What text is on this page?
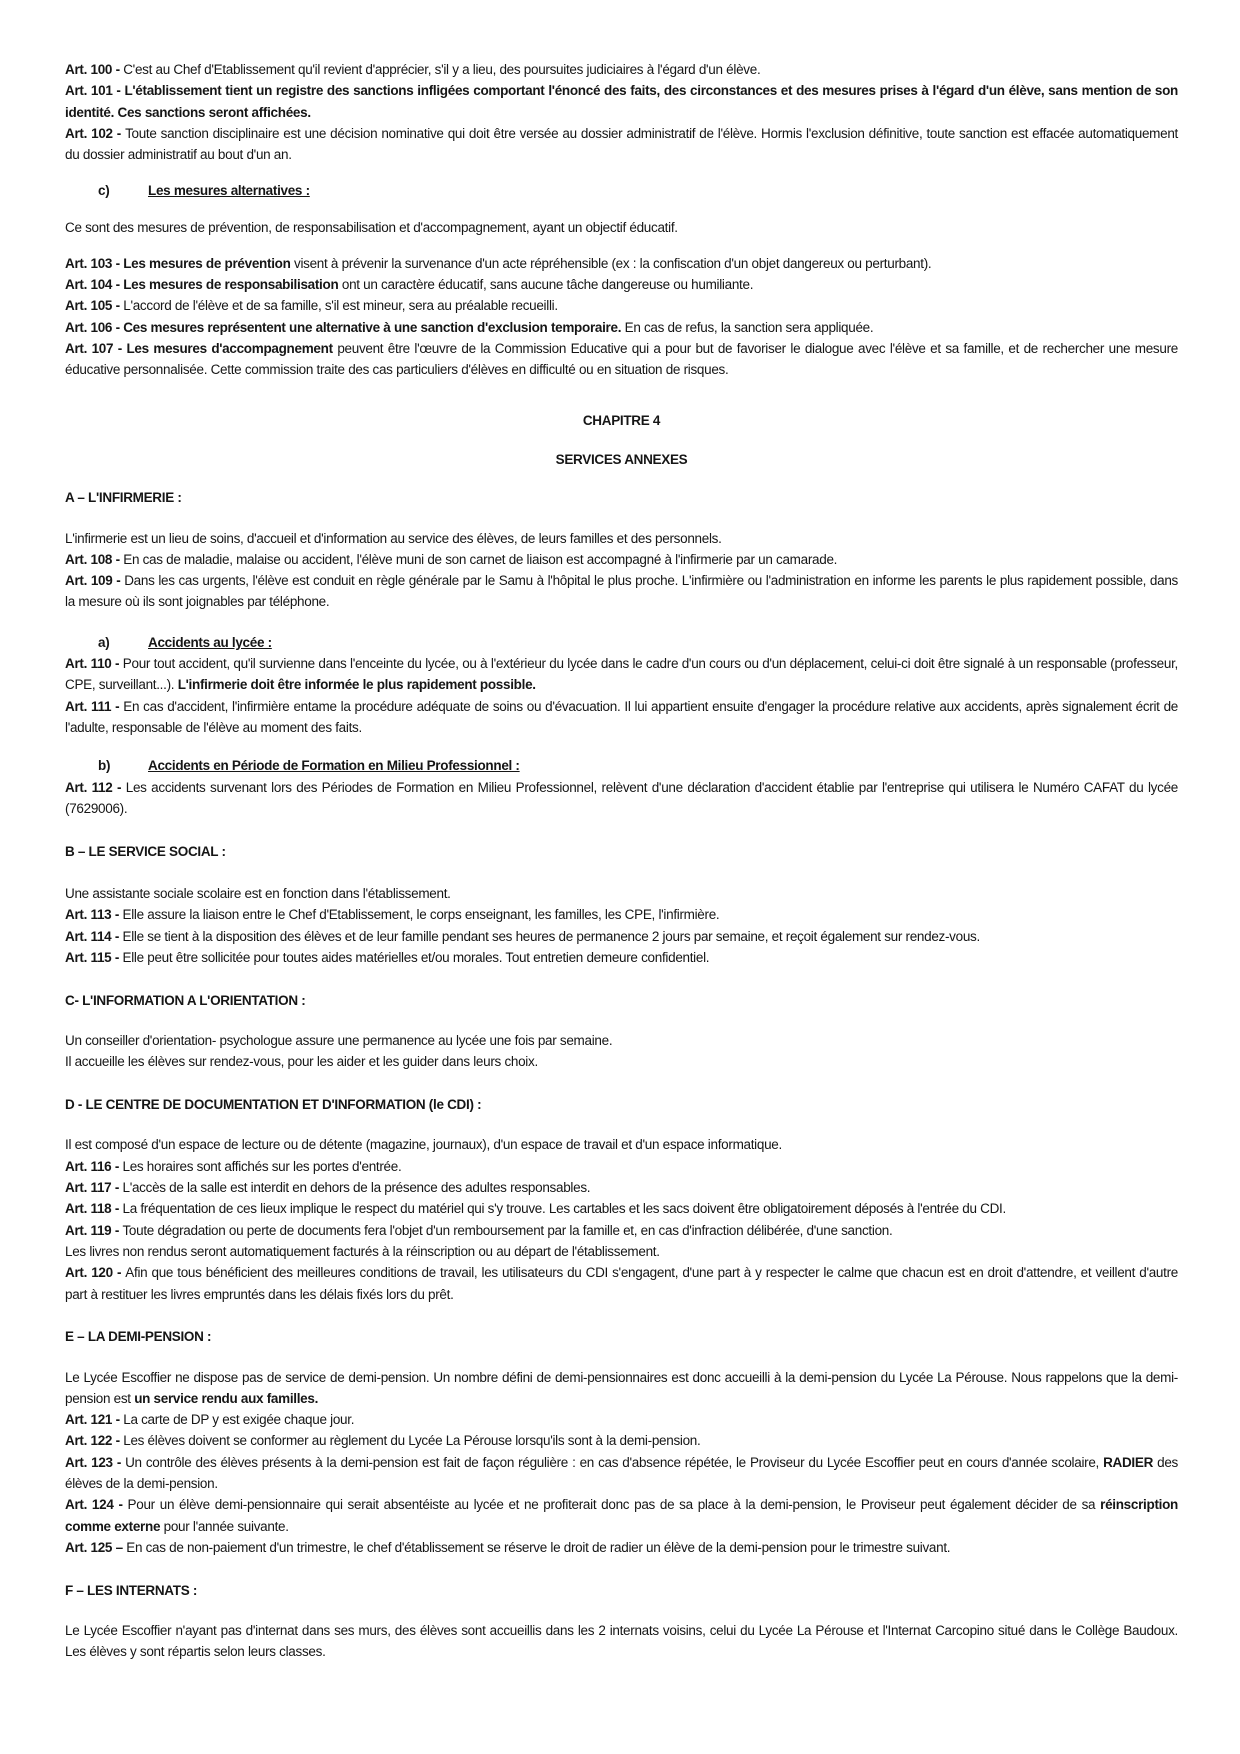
Art. 100 - C'est au Chef d'Etablissement qu'il revient d'apprécier, s'il y a lieu, des poursuites judiciaires à l'égard d'un élève.
Art. 101 - L'établissement tient un registre des sanctions infligées comportant l'énoncé des faits, des circonstances et des mesures prises à l'égard d'un élève, sans mention de son identité. Ces sanctions seront affichées.
Art. 102 - Toute sanction disciplinaire est une décision nominative qui doit être versée au dossier administratif de l'élève. Hormis l'exclusion définitive, toute sanction est effacée automatiquement du dossier administratif au bout d'un an.
c)	Les mesures alternatives :
Ce sont des mesures de prévention, de responsabilisation et d'accompagnement, ayant un objectif éducatif.
Art. 103 - Les mesures de prévention visent à prévenir la survenance d'un acte répréhensible (ex : la confiscation d'un objet dangereux ou perturbant).
Art. 104 - Les mesures de responsabilisation ont un caractère éducatif, sans aucune tâche dangereuse ou humiliante.
Art. 105 - L'accord de l'élève et de sa famille, s'il est mineur, sera au préalable recueilli.
Art. 106 - Ces mesures représentent une alternative à une sanction d'exclusion temporaire. En cas de refus, la sanction sera appliquée.
Art. 107 - Les mesures d'accompagnement peuvent être l'œuvre de la Commission Educative qui a pour but de favoriser le dialogue avec l'élève et sa famille, et de rechercher une mesure éducative personnalisée. Cette commission traite des cas particuliers d'élèves en difficulté ou en situation de risques.
CHAPITRE 4
SERVICES ANNEXES
A – L'INFIRMERIE :
L'infirmerie est un lieu de soins, d'accueil et d'information au service des élèves, de leurs familles et des personnels.
Art. 108 - En cas de maladie, malaise ou accident, l'élève muni de son carnet de liaison est accompagné à l'infirmerie par un camarade.
Art. 109 - Dans les cas urgents, l'élève est conduit en règle générale par le Samu à l'hôpital le plus proche. L'infirmière ou l'administration en informe les parents le plus rapidement possible, dans la mesure où ils sont joignables par téléphone.
a)	Accidents au lycée :
Art. 110 - Pour tout accident, qu'il survienne dans l'enceinte du lycée, ou à l'extérieur du lycée dans le cadre d'un cours ou d'un déplacement, celui-ci doit être signalé à un responsable (professeur, CPE, surveillant...). L'infirmerie doit être informée le plus rapidement possible.
Art. 111 - En cas d'accident, l'infirmière entame la procédure adéquate de soins ou d'évacuation. Il lui appartient ensuite d'engager la procédure relative aux accidents, après signalement écrit de l'adulte, responsable de l'élève au moment des faits.
b)	Accidents en Période de Formation en Milieu Professionnel :
Art. 112 - Les accidents survenant lors des Périodes de Formation en Milieu Professionnel, relèvent d'une déclaration d'accident établie par l'entreprise qui utilisera le Numéro CAFAT du lycée (7629006).
B – LE SERVICE SOCIAL :
Une assistante sociale scolaire est en fonction dans l'établissement.
Art. 113 - Elle assure la liaison entre le Chef d'Etablissement, le corps enseignant, les familles, les CPE, l'infirmière.
Art. 114 - Elle se tient à la disposition des élèves et de leur famille pendant ses heures de permanence 2 jours par semaine, et reçoit également sur rendez-vous.
Art. 115 - Elle peut être sollicitée pour toutes aides matérielles et/ou morales. Tout entretien demeure confidentiel.
C- L'INFORMATION A L'ORIENTATION :
Un conseiller d'orientation- psychologue assure une permanence au lycée une fois par semaine.
Il accueille les élèves sur rendez-vous, pour les aider et les guider dans leurs choix.
D - LE CENTRE DE DOCUMENTATION ET D'INFORMATION (le CDI) :
Il est composé d'un espace de lecture ou de détente (magazine, journaux), d'un espace de travail et d'un espace informatique.
Art. 116 - Les horaires sont affichés sur les portes d'entrée.
Art. 117 - L'accès de la salle est interdit en dehors de la présence des adultes responsables.
Art. 118 - La fréquentation de ces lieux implique le respect du matériel qui s'y trouve. Les cartables et les sacs doivent être obligatoirement déposés à l'entrée du CDI.
Art. 119 - Toute dégradation ou perte de documents fera l'objet d'un remboursement par la famille et, en cas d'infraction délibérée, d'une sanction.
Les livres non rendus seront automatiquement facturés à la réinscription ou au départ de l'établissement.
Art. 120 - Afin que tous bénéficient des meilleures conditions de travail, les utilisateurs du CDI s'engagent, d'une part à y respecter le calme que chacun est en droit d'attendre, et veillent d'autre part à restituer les livres empruntés dans les délais fixés lors du prêt.
E – LA DEMI-PENSION :
Le Lycée Escoffier ne dispose pas de service de demi-pension. Un nombre défini de demi-pensionnaires est donc accueilli à la demi-pension du Lycée La Pérouse. Nous rappelons que la demi-pension est un service rendu aux familles.
Art. 121 - La carte de DP y est exigée chaque jour.
Art. 122 - Les élèves doivent se conformer au règlement du Lycée La Pérouse lorsqu'ils sont à la demi-pension.
Art. 123 - Un contrôle des élèves présents à la demi-pension est fait de façon régulière : en cas d'absence répétée, le Proviseur du Lycée Escoffier peut en cours d'année scolaire, RADIER des élèves de la demi-pension.
Art. 124 - Pour un élève demi-pensionnaire qui serait absentéiste au lycée et ne profiterait donc pas de sa place à la demi-pension, le Proviseur peut également décider de sa réinscription comme externe pour l'année suivante.
Art. 125 – En cas de non-paiement d'un trimestre, le chef d'établissement se réserve le droit de radier un élève de la demi-pension pour le trimestre suivant.
F – LES INTERNATS :
Le Lycée Escoffier n'ayant pas d'internat dans ses murs, des élèves sont accueillis dans les 2 internats voisins, celui du Lycée La Pérouse et l'Internat Carcopino situé dans le Collège Baudoux. Les élèves y sont répartis selon leurs classes.
